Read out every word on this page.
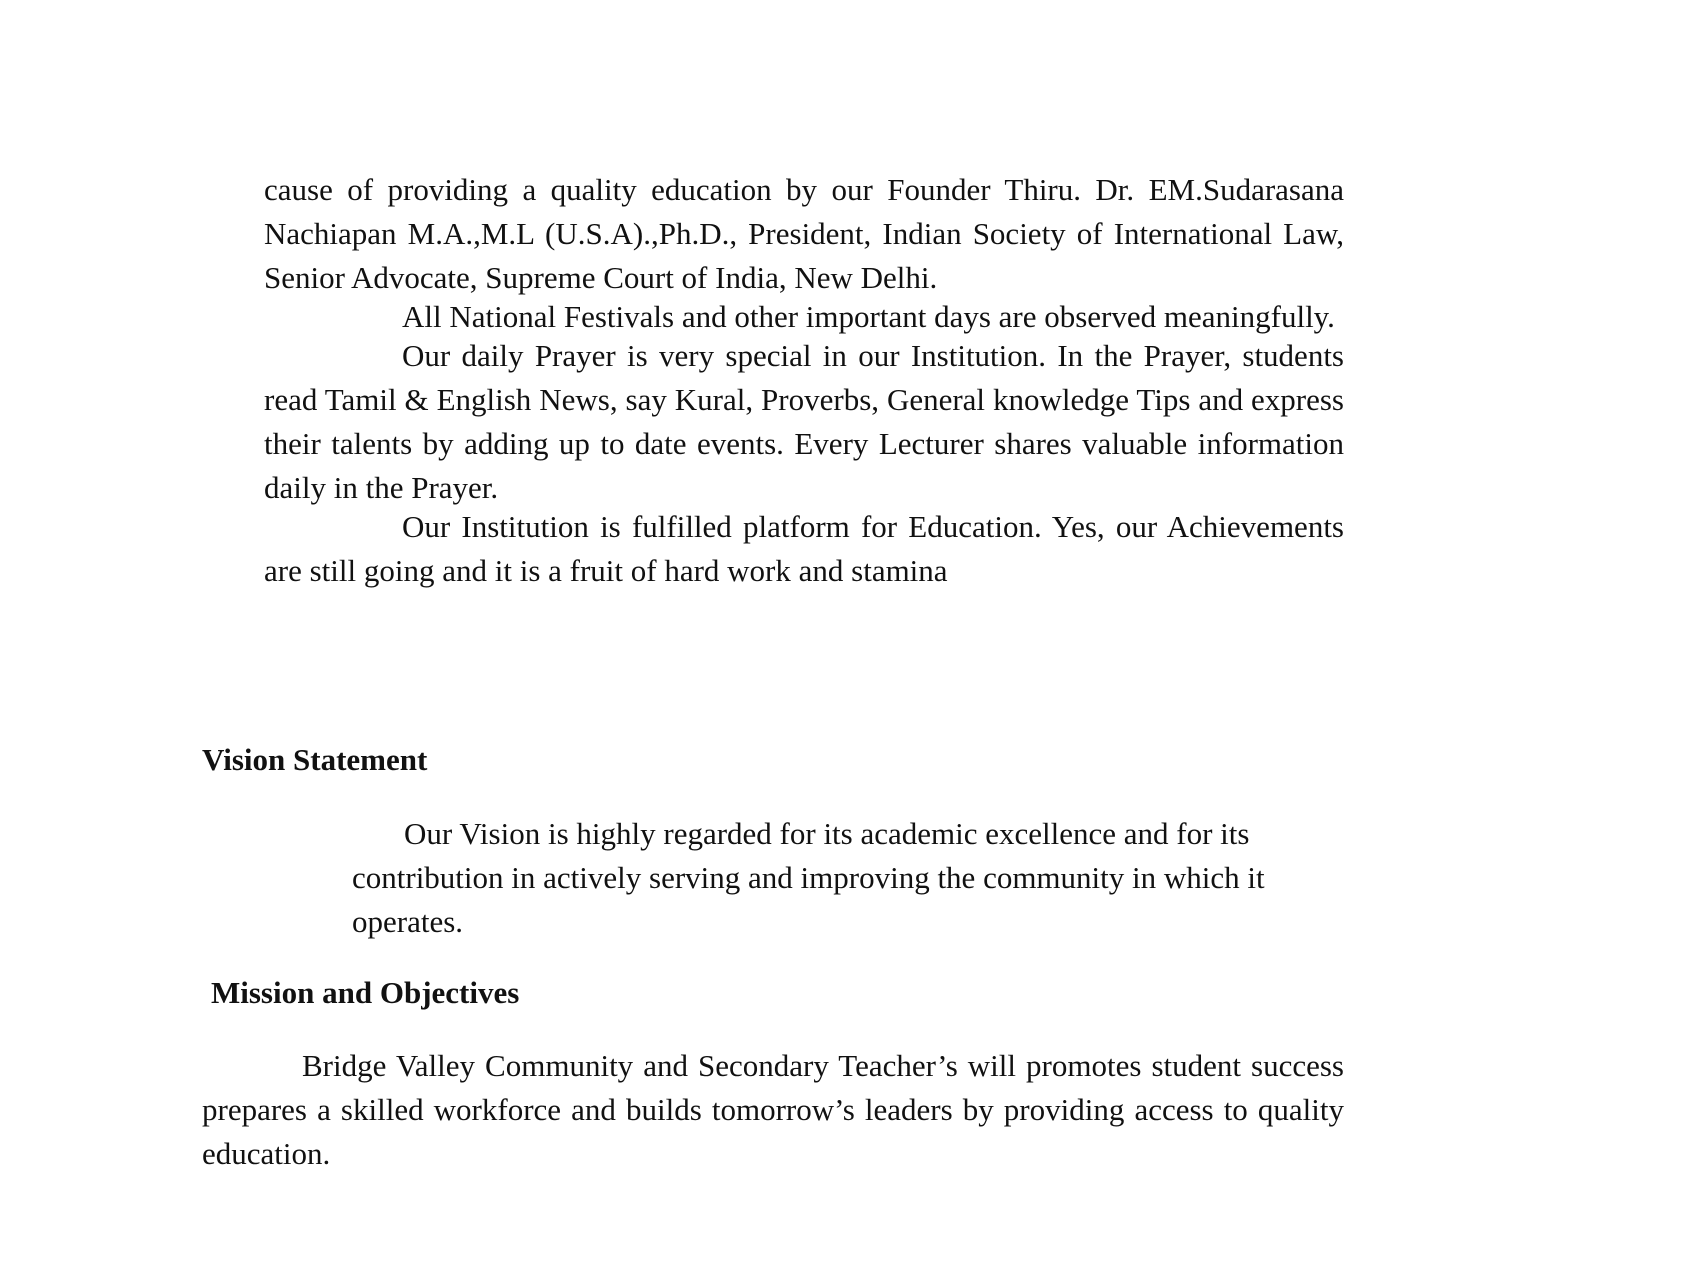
cause of providing a quality education by our Founder Thiru. Dr. EM.Sudarasana Nachiapan M.A.,M.L (U.S.A).,Ph.D., President, Indian Society of International Law, Senior Advocate, Supreme Court of India, New Delhi.

All National Festivals and other important days are observed meaningfully.

Our daily Prayer is very special in our Institution. In the Prayer, students read Tamil & English News, say Kural, Proverbs, General knowledge Tips and express their talents by adding up to date events. Every Lecturer shares valuable information daily in the Prayer.

Our Institution is fulfilled platform for Education. Yes, our Achievements are still going and it is a fruit of hard work and stamina

Vision Statement

Our Vision is highly regarded for its academic excellence and for its contribution in actively serving and improving the community in which it operates.

Mission and Objectives

Bridge Valley Community and Secondary Teacher’s will promotes student success prepares a skilled workforce and builds tomorrow’s leaders by providing access to quality education.
